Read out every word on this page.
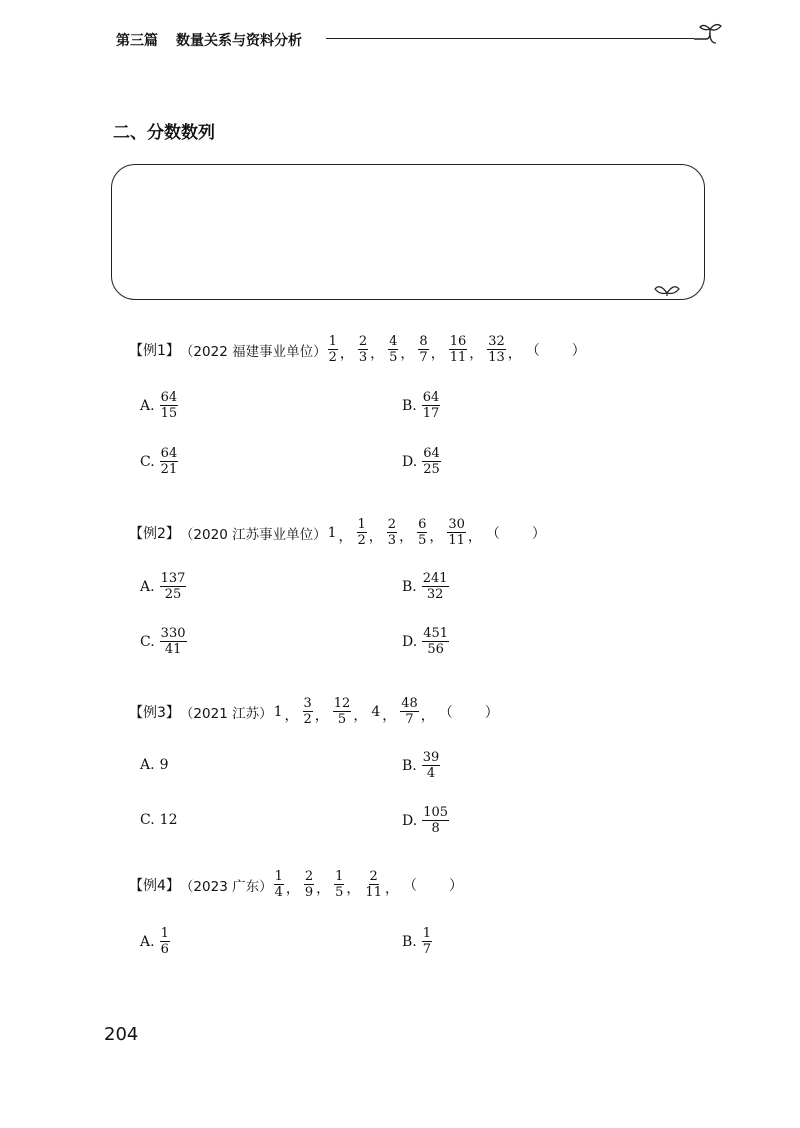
第三篇 数量关系与资料分析
二、分数数列
【例1】 （2022 福建事业单位） $\frac{1}{2}$ ， $\frac{2}{3}$ ， $\frac{4}{5}$ ， $\frac{8}{7}$ ， $\frac{16}{11}$ ， $\frac{32}{13}$ ， （ ）
A. $\frac{64}{15}$	B. $\frac{64}{17}$
C. $\frac{64}{21}$	D. $\frac{64}{25}$
【例2】 （2020 江苏事业单位） 1 ， $\frac{1}{2}$ ， $\frac{2}{3}$ ， $\frac{6}{5}$ ， $\frac{30}{11}$ ， （ ）
A. $\frac{137}{25}$	B. $\frac{241}{32}$
C. $\frac{330}{41}$	D. $\frac{451}{56}$
【例3】 （2021 江苏） 1 ， $\frac{3}{2}$ ， $\frac{12}{5}$ ， 4 ， $\frac{48}{7}$ ， （ ）
A. 9	B. $\frac{39}{4}$
C. 12	D. $\frac{105}{8}$
【例4】 （2023 广东） $\frac{1}{4}$ ， $\frac{2}{9}$ ， $\frac{1}{5}$ ， $\frac{2}{11}$ ， （ ）
A. $\frac{1}{6}$	B. $\frac{1}{7}$
204
